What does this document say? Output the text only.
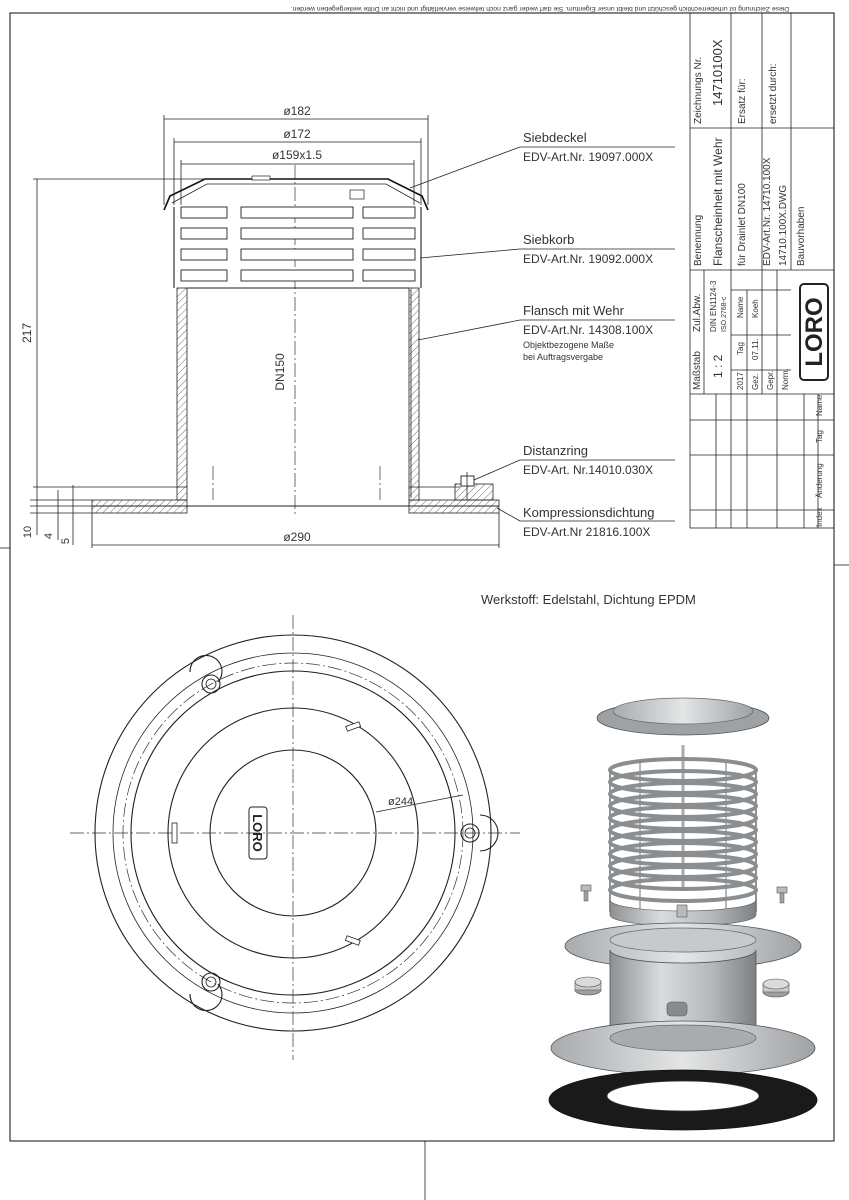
Diese Zeichnung ist urheberrechtlich geschützt und bleibt unser Eigentum. Sie darf weder ganz noch teilweise vervielfältigt und nicht an Dritte weitergegeben werden.
DN150
ø182
ø172
ø159x1.5
217
10 4
5	ø290
Siebdeckel
EDV-Art.Nr. 19097.000X
Siebkorb
EDV-Art.Nr. 19092.000X
Flansch mit Wehr
EDV-Art.Nr. 14308.100X
Objektbezogene Maße
bei Auftragsvergabe
Distanzring
EDV-Art. Nr.14010.030X
Kompressionsdichtung
EDV-Art.Nr 21816.100X
Zeichnungs Nr. 14710100X Ersatz für: ersetzt durch:
Benennung Flanscheinheit mit Wehr für Drainlet DN100 EDV-Art.Nr. 14710.100X 14710.100X.DWG Bauvorhaben
Zul.Abw. DIN EN1124-3 ISO 2768-c
Maßstab 1 : 2
2017
Tag
Name
Gez.
07.11.
Koeh
Gepr. Norm.
Name
Tag
Änderung
Index
LORO
Werkstoff: Edelstahl, Dichtung EPDM
LORO
ø244
